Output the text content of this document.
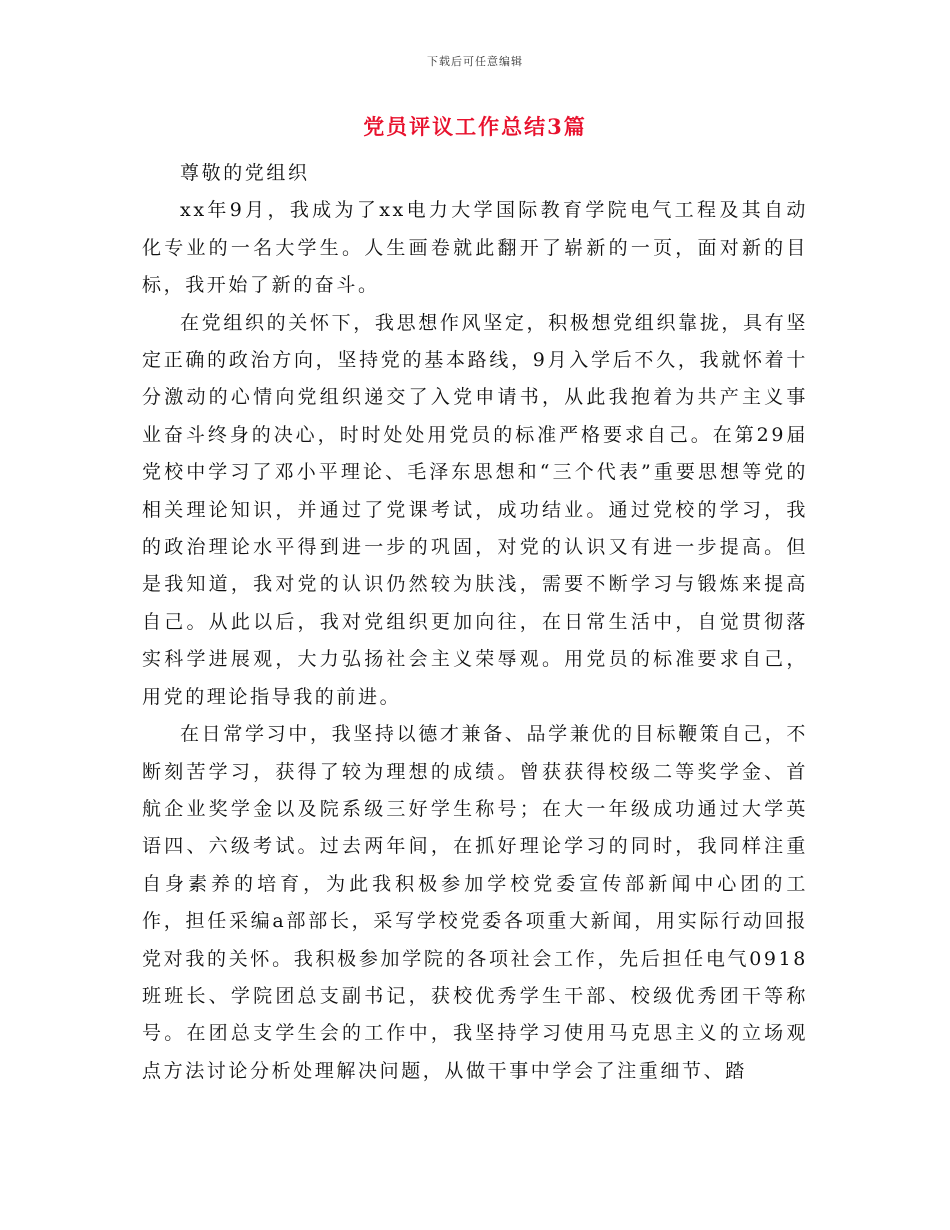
下载后可任意编辑
党员评议工作总结3篇

尊敬的党组织

xx年9月，我成为了xx电力大学国际教育学院电气工程及其自动化专业的一名大学生。人生画卷就此翻开了崭新的一页，面对新的目标，我开始了新的奋斗。

在党组织的关怀下，我思想作风坚定，积极想党组织靠拢，具有坚定正确的政治方向，坚持党的基本路线，9月入学后不久，我就怀着十分激动的心情向党组织递交了入党申请书，从此我抱着为共产主义事业奋斗终身的决心，时时处处用党员的标准严格要求自己。在第29届党校中学习了邓小平理论、毛泽东思想和“三个代表”重要思想等党的相关理论知识，并通过了党课考试，成功结业。通过党校的学习，我的政治理论水平得到进一步的巩固，对党的认识又有进一步提高。但是我知道，我对党的认识仍然较为肤浅，需要不断学习与锻炼来提高自己。从此以后，我对党组织更加向往，在日常生活中，自觉贯彻落实科学进展观，大力弘扬社会主义荣辱观。用党员的标准要求自己，用党的理论指导我的前进。

在日常学习中，我坚持以德才兼备、品学兼优的目标鞭策自己，不断刻苦学习，获得了较为理想的成绩。曾获获得校级二等奖学金、首航企业奖学金以及院系级三好学生称号；在大一年级成功通过大学英语四、六级考试。过去两年间，在抓好理论学习的同时，我同样注重自身素养的培育，为此我积极参加学校党委宣传部新闻中心团的工作，担任采编a部部长，采写学校党委各项重大新闻，用实际行动回报党对我的关怀。我积极参加学院的各项社会工作，先后担任电气0918班班长、学院团总支副书记，获校优秀学生干部、校级优秀团干等称号。在团总支学生会的工作中，我坚持学习使用马克思主义的立场观点方法讨论分析处理解决问题，从做干事中学会了注重细节、踏
